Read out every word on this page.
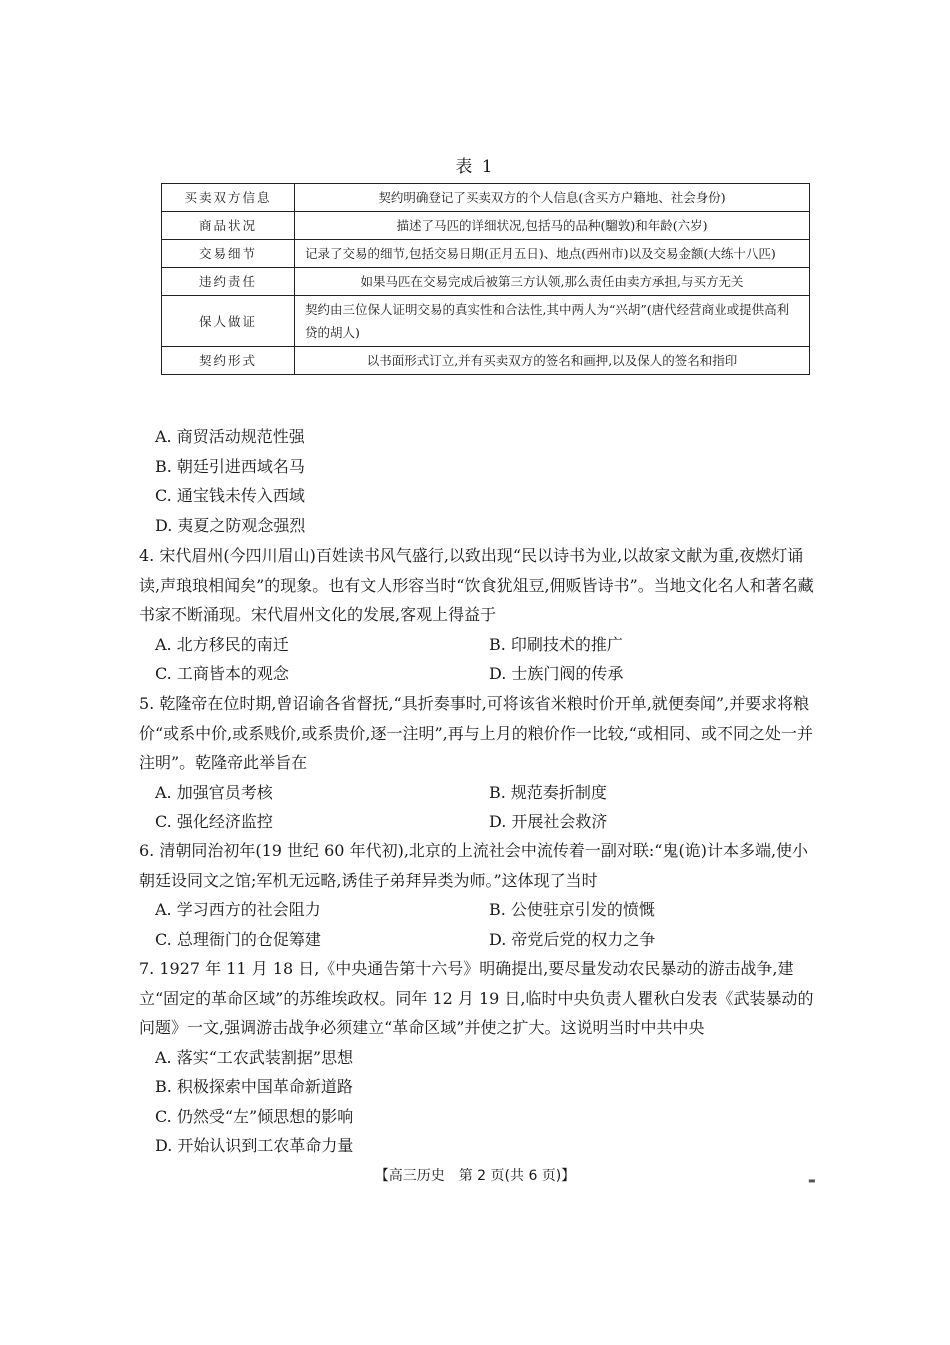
表 1
买卖双方信息	契约明确登记了买卖双方的个人信息(含买方户籍地、社会身份)
商品状况	描述了马匹的详细状况,包括马的品种(騮敦)和年龄(六岁)
交易细节	记录了交易的细节,包括交易日期(正月五日)、地点(西州市)以及交易金额(大练十八匹)
违约责任	如果马匹在交易完成后被第三方认领,那么责任由卖方承担,与买方无关
保人做证	契约由三位保人证明交易的真实性和合法性,其中两人为“兴胡”(唐代经营商业或提供高利贷的胡人)
契约形式	以书面形式订立,并有买卖双方的签名和画押,以及保人的签名和指印

A. 商贸活动规范性强

B. 朝廷引进西域名马

C. 通宝钱未传入西域

D. 夷夏之防观念强烈

4. 宋代眉州(今四川眉山)百姓读书风气盛行,以致出现“民以诗书为业,以故家文献为重,夜燃灯诵读,声琅琅相闻矣”的现象。也有文人形容当时“饮食犹俎豆,佣贩皆诗书”。当地文化名人和著名藏书家不断涌现。宋代眉州文化的发展,客观上得益于

A. 北方移民的南迁	B. 印刷技术的推广
C. 工商皆本的观念	D. 士族门阀的传承

5. 乾隆帝在位时期,曾诏谕各省督抚,“具折奏事时,可将该省米粮时价开单,就便奏闻”,并要求将粮价“或系中价,或系贱价,或系贵价,逐一注明”,再与上月的粮价作一比较,“或相同、或不同之处一并注明”。乾隆帝此举旨在

A. 加强官员考核	B. 规范奏折制度
C. 强化经济监控	D. 开展社会救济

6. 清朝同治初年(19 世纪 60 年代初),北京的上流社会中流传着一副对联:“鬼(诡)计本多端,使小朝廷设同文之馆;军机无远略,诱佳子弟拜异类为师。”这体现了当时

A. 学习西方的社会阻力	B. 公使驻京引发的愤慨
C. 总理衙门的仓促筹建	D. 帝党后党的权力之争

7. 1927 年 11 月 18 日,《中央通告第十六号》明确提出,要尽量发动农民暴动的游击战争,建立“固定的革命区域”的苏维埃政权。同年 12 月 19 日,临时中央负责人瞿秋白发表《武装暴动的问题》一文,强调游击战争必须建立“革命区域”并使之扩大。这说明当时中共中央

A. 落实“工农武装割据”思想

B. 积极探索中国革命新道路

C. 仍然受“左”倾思想的影响

D. 开始认识到工农革命力量

【高三历史　第 2 页(共 6 页)】	▬
